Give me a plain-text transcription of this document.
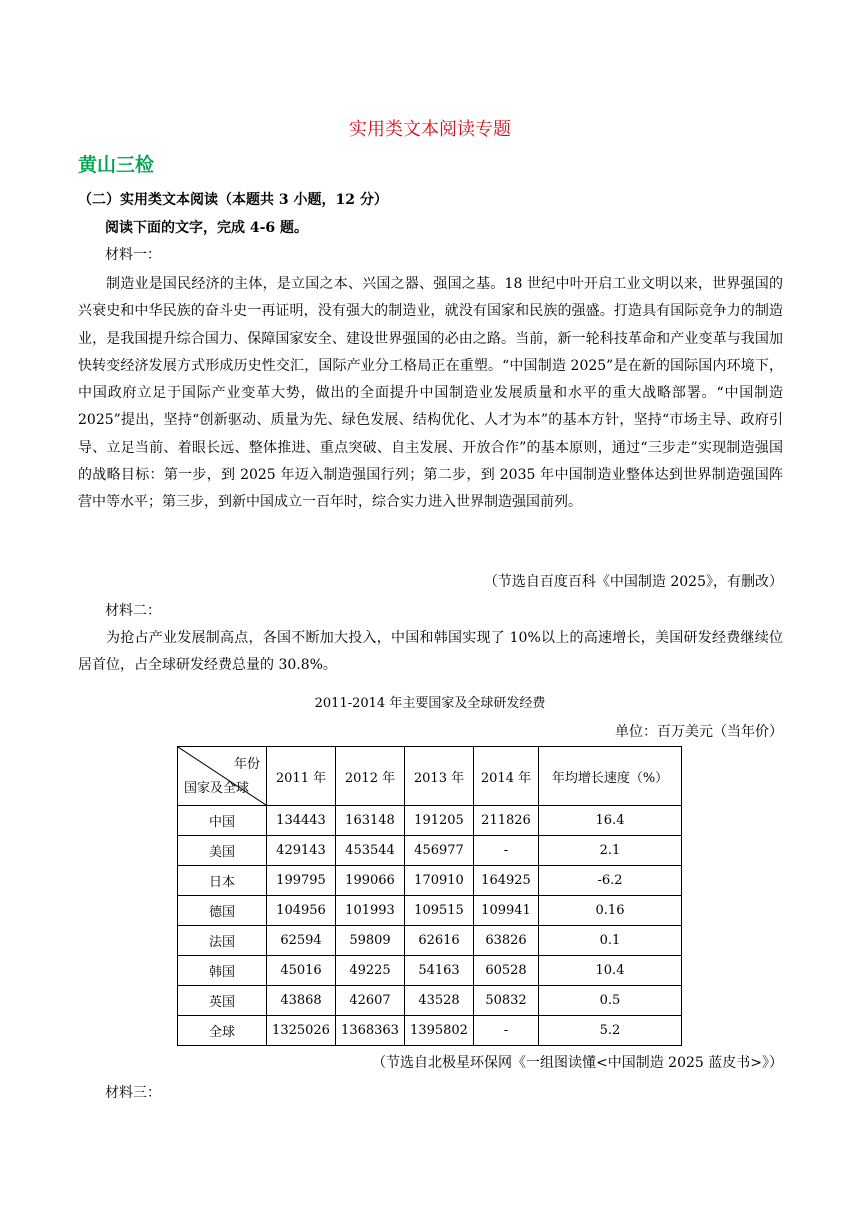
实用类文本阅读专题
黄山三检
（二）实用类文本阅读（本题共 3 小题，12 分）
阅读下面的文字，完成 4-6 题。
材料一：

制造业是国民经济的主体，是立国之本、兴国之器、强国之基。18 世纪中叶开启工业文明以来，世界强国的兴衰史和中华民族的奋斗史一再证明，没有强大的制造业，就没有国家和民族的强盛。打造具有国际竞争力的制造业，是我国提升综合国力、保障国家安全、建设世界强国的必由之路。当前，新一轮科技革命和产业变革与我国加快转变经济发展方式形成历史性交汇，国际产业分工格局正在重塑。“中国制造 2025”是在新的国际国内环境下，中国政府立足于国际产业变革大势，做出的全面提升中国制造业发展质量和水平的重大战略部署。“中国制造 2025”提出，坚持“创新驱动、质量为先、绿色发展、结构优化、人才为本”的基本方针，坚持“市场主导、政府引导、立足当前、着眼长远、整体推进、重点突破、自主发展、开放合作”的基本原则，通过“三步走”实现制造强国的战略目标：第一步，到 2025 年迈入制造强国行列；第二步，到 2035 年中国制造业整体达到世界制造强国阵营中等水平；第三步，到新中国成立一百年时，综合实力进入世界制造强国前列。

（节选自百度百科《中国制造 2025》，有删改）
材料二：

为抢占产业发展制高点，各国不断加大投入，中国和韩国实现了 10%以上的高速增长，美国研发经费继续位居首位，占全球研发经费总量的 30.8%。

2011-2014 年主要国家及全球研发经费
单位：百万美元（当年价）
年份
国家及全球	2011 年	2012 年	2013 年	2014 年	年均增长速度（%）
中国	134443	163148	191205	211826	16.4
美国	429143	453544	456977	-	2.1
日本	199795	199066	170910	164925	-6.2
德国	104956	101993	109515	109941	0.16
法国	62594	59809	62616	63826	0.1
韩国	45016	49225	54163	60528	10.4
英国	43868	42607	43528	50832	0.5
全球	1325026	1368363	1395802	-	5.2
（节选自北极星环保网《一组图读懂<中国制造 2025 蓝皮书>》）
材料三：
